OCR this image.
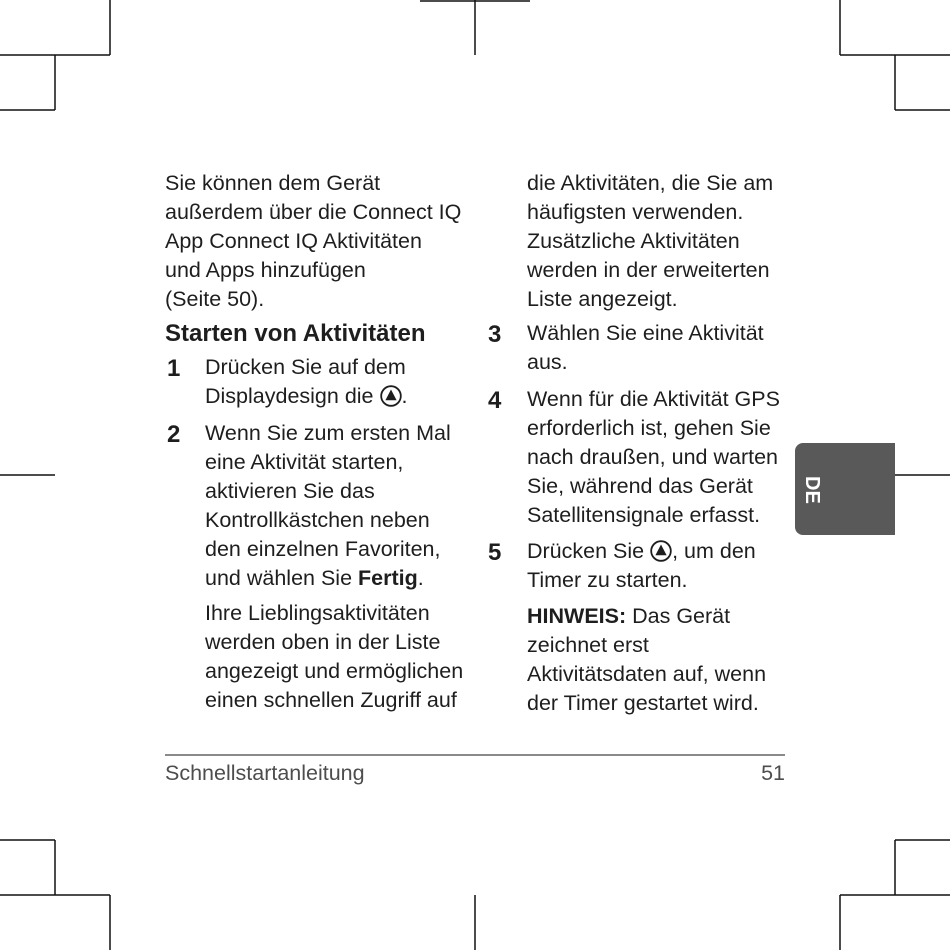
Sie können dem Gerät
außerdem über die Connect IQ
App Connect IQ Aktivitäten
und Apps hinzufügen
(Seite 50).
Starten von Aktivitäten
1 Drücken Sie auf dem
Displaydesign die
.
2 Wenn Sie zum ersten Mal
eine Aktivität starten,
aktivieren Sie das
Kontrollkästchen neben
den einzelnen Favoriten,
und wählen Sie Fertig.
Ihre Lieblingsaktivitäten
werden oben in der Liste
angezeigt und ermöglichen
einen schnellen Zugriff auf
die Aktivitäten, die Sie am
häufigsten verwenden.
Zusätzliche Aktivitäten
werden in der erweiterten
Liste angezeigt.
3 Wählen Sie eine Aktivität
aus.
4 Wenn für die Aktivität GPS
erforderlich ist, gehen Sie
nach draußen, und warten
Sie, während das Gerät
Satellitensignale erfasst.
5 Drücken Sie
, um den
Timer zu starten.
HINWEIS: Das Gerät
zeichnet erst
Aktivitätsdaten auf, wenn
der Timer gestartet wird.
DE
Schnellstartanleitung	51
